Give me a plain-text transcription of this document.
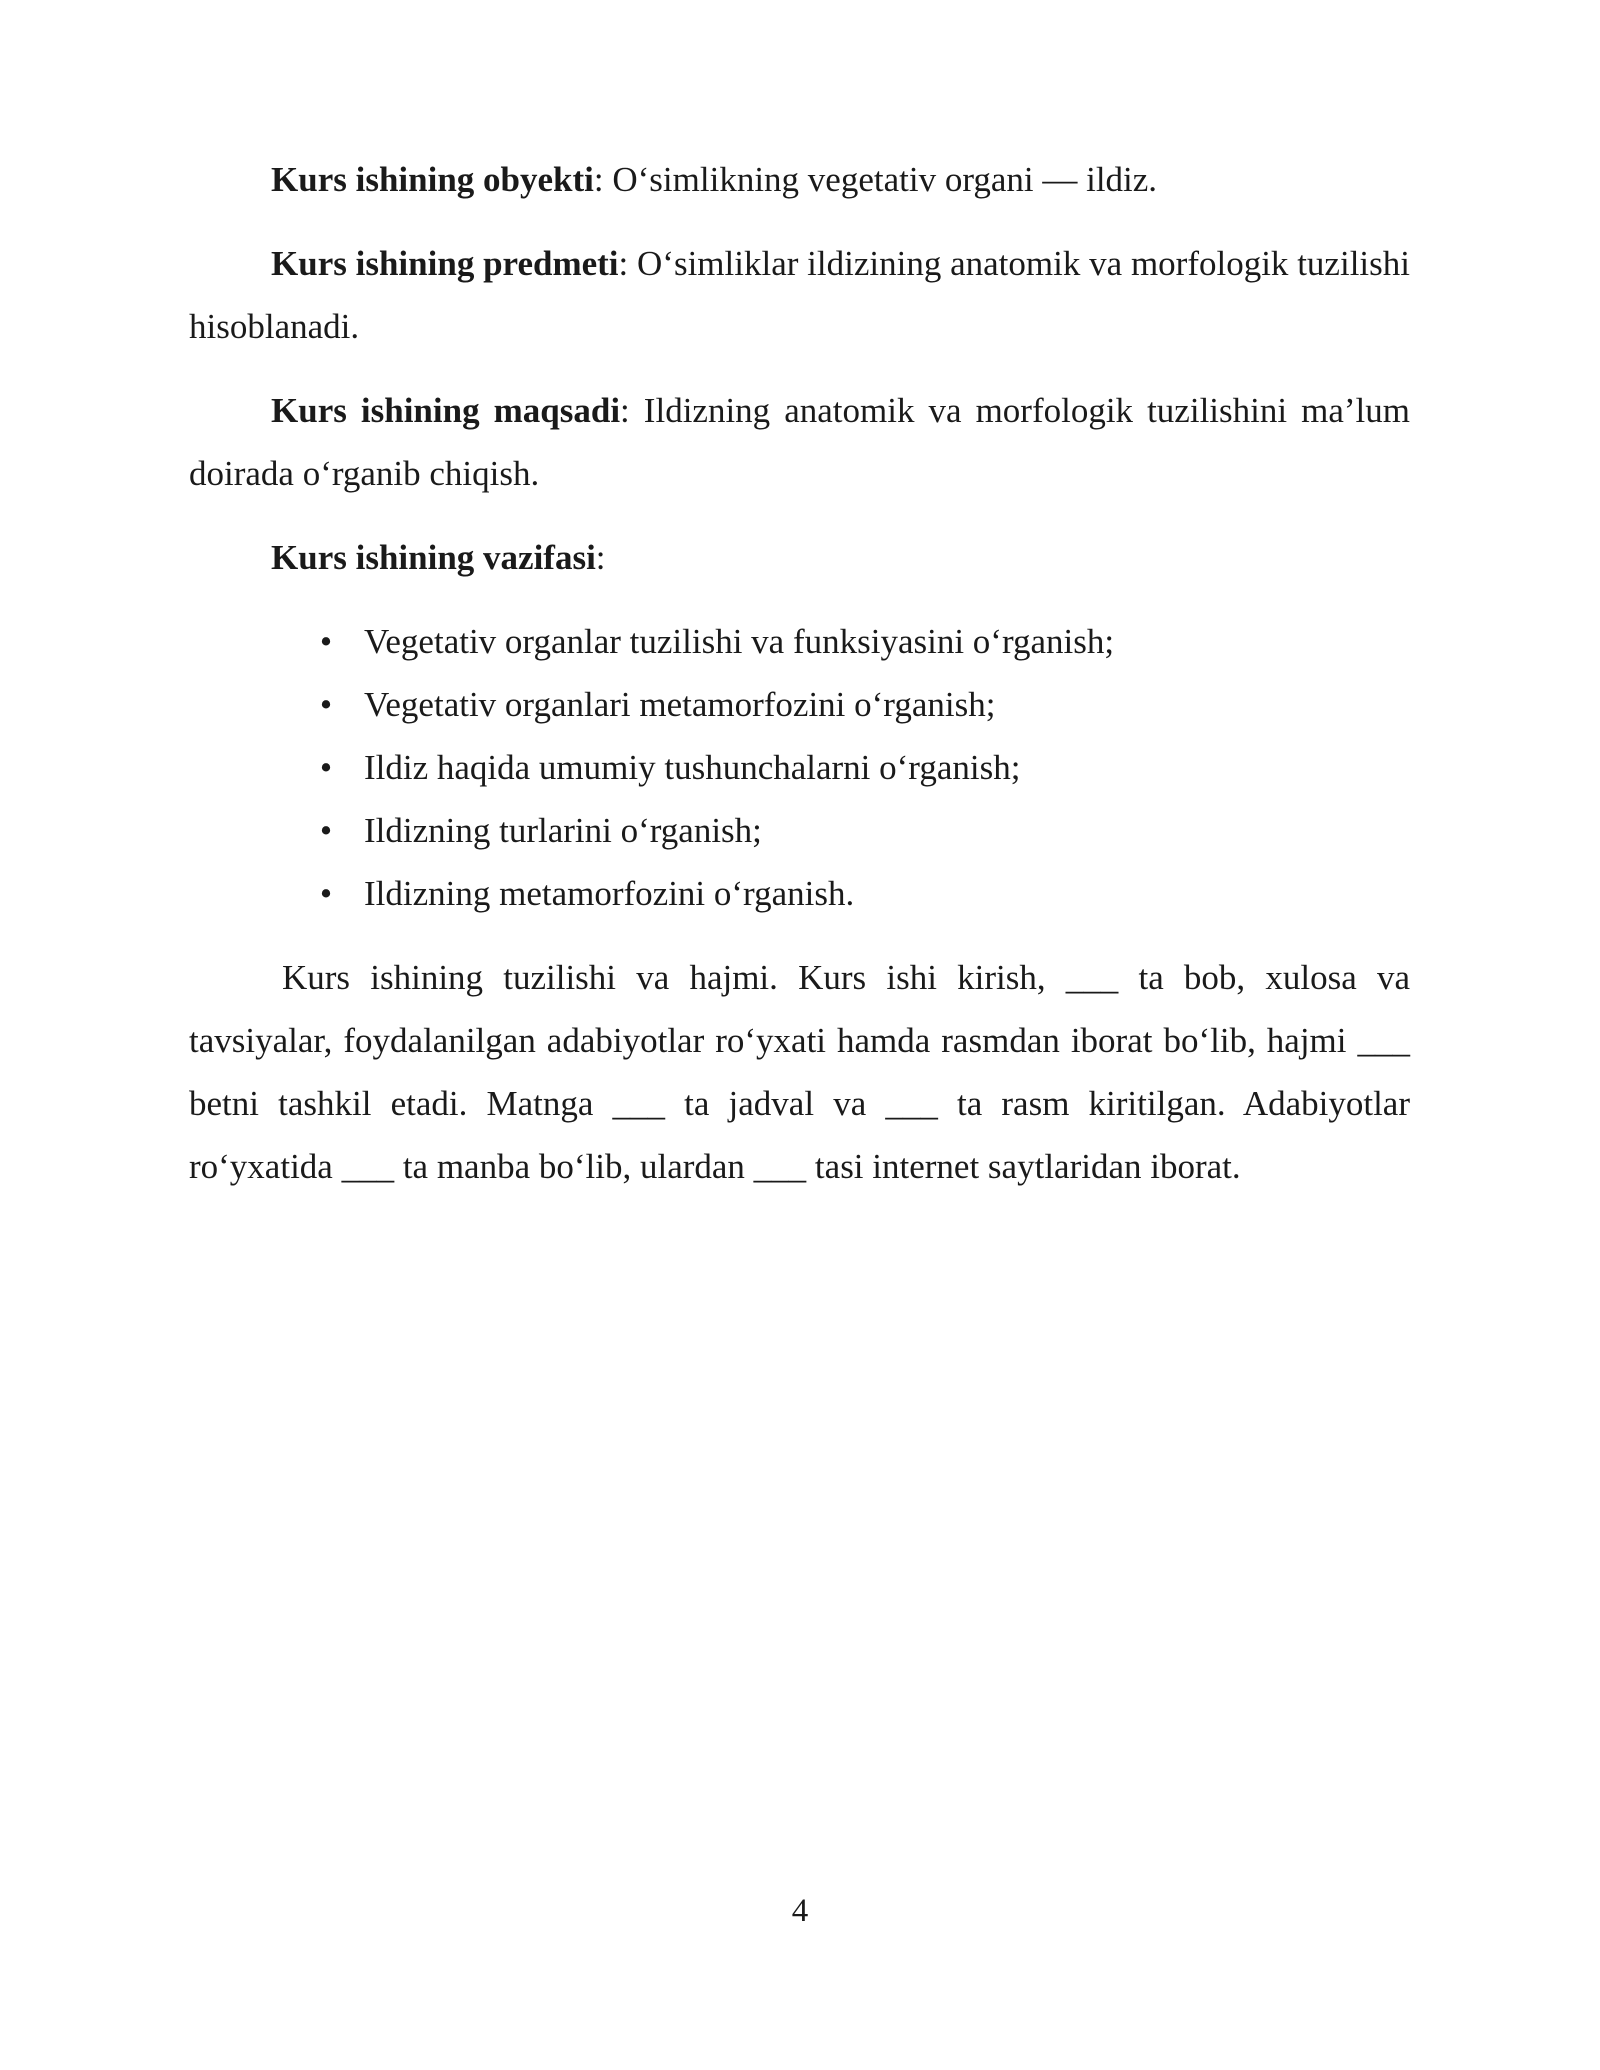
Kurs ishining obyekti: O‘simlikning vegetativ organi — ildiz.

Kurs ishining predmeti: O‘simliklar ildizining anatomik va morfologik tuzilishi hisoblanadi.

Kurs ishining maqsadi: Ildizning anatomik va morfologik tuzilishini ma’lum doirada o‘rganib chiqish.

Kurs ishining vazifasi:

• Vegetativ organlar tuzilishi va funksiyasini o‘rganish;
• Vegetativ organlari metamorfozini o‘rganish;
• Ildiz haqida umumiy tushunchalarni o‘rganish;
• Ildizning turlarini o‘rganish;
• Ildizning metamorfozini o‘rganish.

Kurs ishining tuzilishi va hajmi. Kurs ishi kirish, ___ ta bob, xulosa va tavsiyalar, foydalanilgan adabiyotlar ro‘yxati hamda rasmdan iborat bo‘lib, hajmi ___ betni tashkil etadi. Matnga ___ ta jadval va ___ ta rasm kiritilgan. Adabiyotlar ro‘yxatida ___ ta manba bo‘lib, ulardan ___ tasi internet saytlaridan iborat.

4
